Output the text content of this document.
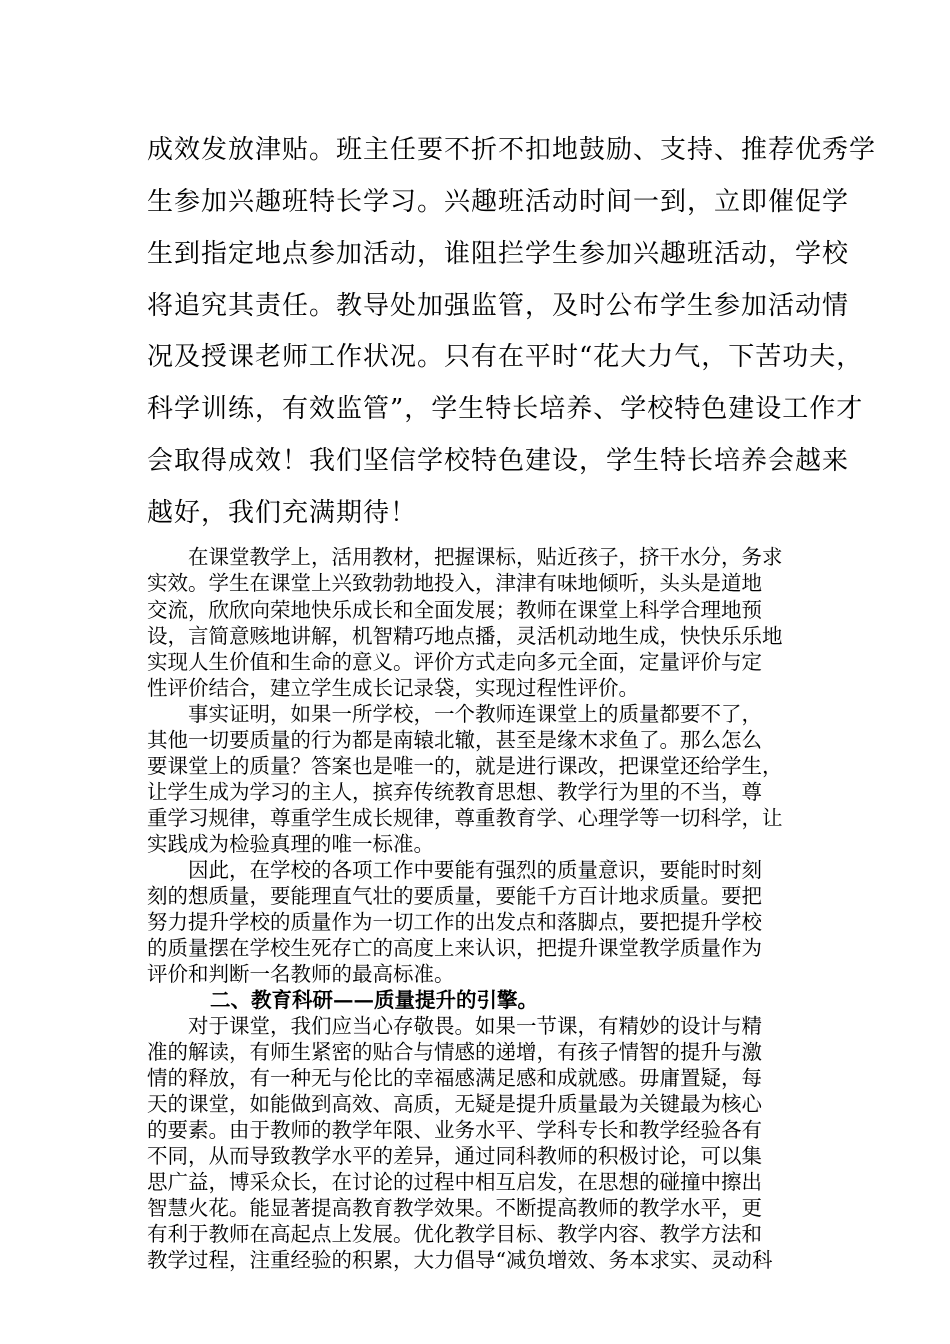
成效发放津贴。班主任要不折不扣地鼓励、支持、推荐优秀学
生参加兴趣班特长学习。兴趣班活动时间一到，立即催促学
生到指定地点参加活动，谁阻拦学生参加兴趣班活动，学校
将追究其责任。教导处加强监管，及时公布学生参加活动情
况及授课老师工作状况。只有在平时“花大力气，下苦功夫，
科学训练，有效监管”，学生特长培养、学校特色建设工作才
会取得成效！我们坚信学校特色建设，学生特长培养会越来
越好，我们充满期待！
在课堂教学上，活用教材，把握课标，贴近孩子，挤干水分，务求
实效。学生在课堂上兴致勃勃地投入，津津有味地倾听，头头是道地
交流，欣欣向荣地快乐成长和全面发展；教师在课堂上科学合理地预
设，言简意赅地讲解，机智精巧地点播，灵活机动地生成，快快乐乐地
实现人生价值和生命的意义。评价方式走向多元全面，定量评价与定
性评价结合，建立学生成长记录袋，实现过程性评价。
事实证明，如果一所学校，一个教师连课堂上的质量都要不了，
其他一切要质量的行为都是南辕北辙，甚至是缘木求鱼了。那么怎么
要课堂上的质量？答案也是唯一的，就是进行课改，把课堂还给学生，
让学生成为学习的主人，摈弃传统教育思想、教学行为里的不当，尊
重学习规律，尊重学生成长规律，尊重教育学、心理学等一切科学，让
实践成为检验真理的唯一标准。
因此，在学校的各项工作中要能有强烈的质量意识，要能时时刻
刻的想质量，要能理直气壮的要质量，要能千方百计地求质量。要把
努力提升学校的质量作为一切工作的出发点和落脚点，要把提升学校
的质量摆在学校生死存亡的高度上来认识，把提升课堂教学质量作为
评价和判断一名教师的最高标准。
二、教育科研——质量提升的引擎。
对于课堂，我们应当心存敬畏。如果一节课，有精妙的设计与精
准的解读，有师生紧密的贴合与情感的递增，有孩子情智的提升与激
情的释放，有一种无与伦比的幸福感满足感和成就感。毋庸置疑，每
天的课堂，如能做到高效、高质，无疑是提升质量最为关键最为核心
的要素。由于教师的教学年限、业务水平、学科专长和教学经验各有
不同，从而导致教学水平的差异，通过同科教师的积极讨论，可以集
思广益，博采众长，在讨论的过程中相互启发，在思想的碰撞中擦出
智慧火花。能显著提高教育教学效果。不断提高教师的教学水平，更
有利于教师在高起点上发展。优化教学目标、教学内容、教学方法和
教学过程，注重经验的积累，大力倡导“减负增效、务本求实、灵动科
